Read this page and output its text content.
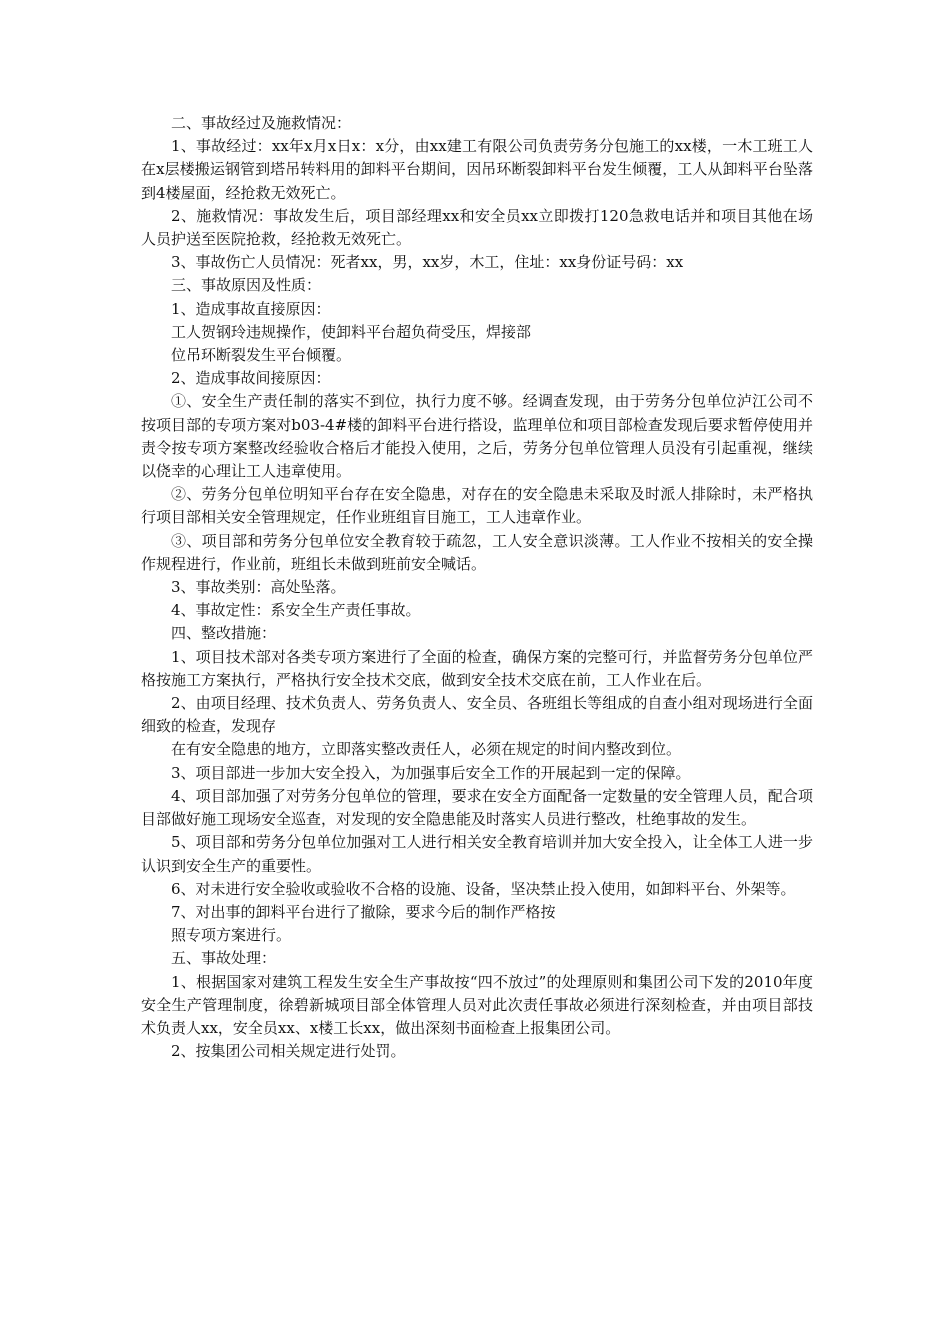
二、事故经过及施救情况：

1、事故经过：xx年x月x日x：x分，由xx建工有限公司负责劳务分包施工的xx楼，一木工班工人在x层楼搬运钢管到塔吊转料用的卸料平台期间，因吊环断裂卸料平台发生倾覆，工人从卸料平台坠落到4楼屋面，经抢救无效死亡。

2、施救情况：事故发生后，项目部经理xx和安全员xx立即拨打120急救电话并和项目其他在场人员护送至医院抢救，经抢救无效死亡。

3、事故伤亡人员情况：死者xx，男，xx岁，木工，住址：xx身份证号码：xx

三、事故原因及性质：

1、造成事故直接原因：

工人贺钢玲违规操作，使卸料平台超负荷受压，焊接部

位吊环断裂发生平台倾覆。

2、造成事故间接原因：

①、安全生产责任制的落实不到位，执行力度不够。经调查发现，由于劳务分包单位泸江公司不按项目部的专项方案对b03-4#楼的卸料平台进行搭设，监理单位和项目部检查发现后要求暂停使用并责令按专项方案整改经验收合格后才能投入使用，之后，劳务分包单位管理人员没有引起重视，继续以侥幸的心理让工人违章使用。

②、劳务分包单位明知平台存在安全隐患，对存在的安全隐患未采取及时派人排除时，未严格执行项目部相关安全管理规定，任作业班组盲目施工，工人违章作业。

③、项目部和劳务分包单位安全教育较于疏忽，工人安全意识淡薄。工人作业不按相关的安全操作规程进行，作业前，班组长未做到班前安全喊话。

3、事故类别：高处坠落。

4、事故定性：系安全生产责任事故。

四、整改措施：

1、项目技术部对各类专项方案进行了全面的检查，确保方案的完整可行，并监督劳务分包单位严格按施工方案执行，严格执行安全技术交底，做到安全技术交底在前，工人作业在后。

2、由项目经理、技术负责人、劳务负责人、安全员、各班组长等组成的自查小组对现场进行全面细致的检查，发现存

在有安全隐患的地方，立即落实整改责任人，必须在规定的时间内整改到位。

3、项目部进一步加大安全投入，为加强事后安全工作的开展起到一定的保障。

4、项目部加强了对劳务分包单位的管理，要求在安全方面配备一定数量的安全管理人员，配合项目部做好施工现场安全巡查，对发现的安全隐患能及时落实人员进行整改，杜绝事故的发生。

5、项目部和劳务分包单位加强对工人进行相关安全教育培训并加大安全投入，让全体工人进一步认识到安全生产的重要性。

6、对未进行安全验收或验收不合格的设施、设备，坚决禁止投入使用，如卸料平台、外架等。

7、对出事的卸料平台进行了撤除，要求今后的制作严格按

照专项方案进行。

五、事故处理：

1、根据国家对建筑工程发生安全生产事故按“四不放过”的处理原则和集团公司下发的2010年度安全生产管理制度，徐碧新城项目部全体管理人员对此次责任事故必须进行深刻检查，并由项目部技术负责人xx，安全员xx、x楼工长xx，做出深刻书面检查上报集团公司。

2、按集团公司相关规定进行处罚。
